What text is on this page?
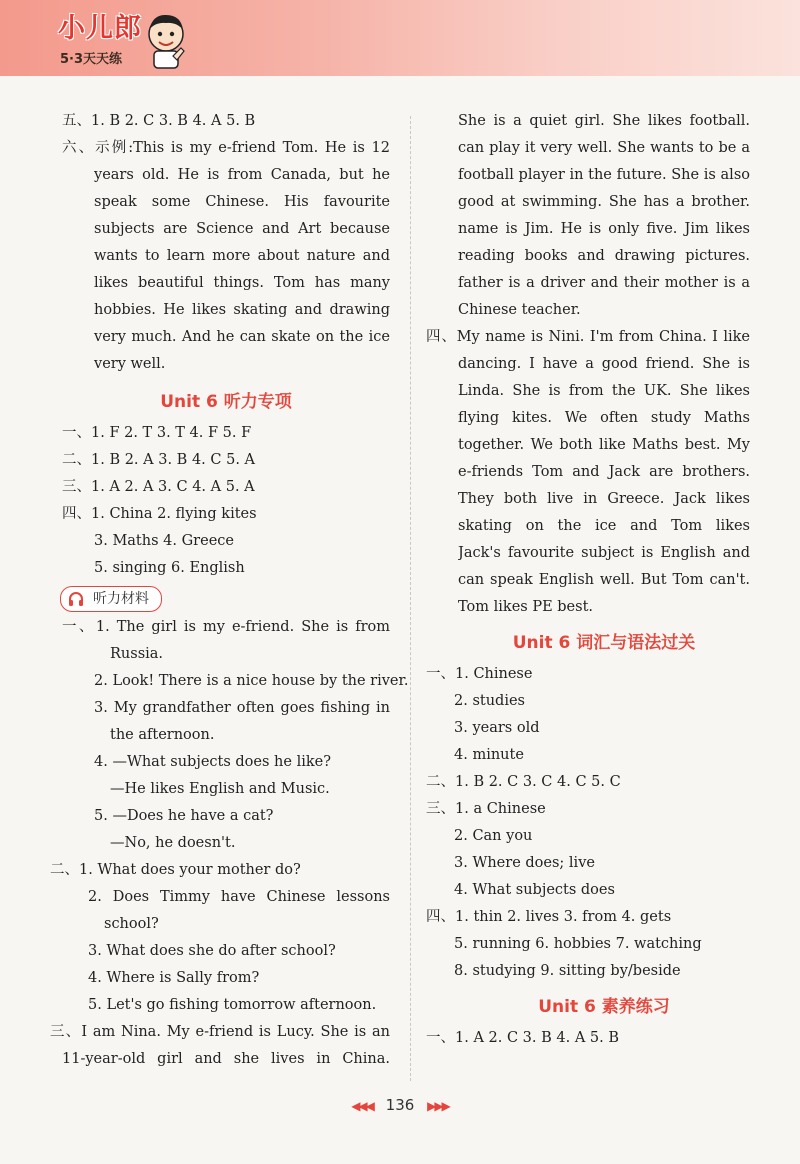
小儿郎
5·3天天练
五、1. B 2. C 3. B 4. A 5. B
六、示例:This is my e-friend Tom. He is 12
years old. He is from Canada, but he
speak some Chinese. His favourite
subjects are Science and Art because
wants to learn more about nature and
likes beautiful things. Tom has many
hobbies. He likes skating and drawing
very much. And he can skate on the ice
very well.
Unit 6 听力专项
一、1. F 2. T 3. T 4. F 5. F
二、1. B 2. A 3. B 4. C 5. A
三、1. A 2. A 3. C 4. A 5. A
四、1. China 2. flying kites
3. Maths 4. Greece
5. singing 6. English
听力材料
一、1. The girl is my e-friend. She is from
Russia.
2. Look! There is a nice house by the river.
3. My grandfather often goes fishing in
the afternoon.
4. —What subjects does he like?
—He likes English and Music.
5. —Does he have a cat?
—No, he doesn't.
二、1. What does your mother do?
2. Does Timmy have Chinese lessons
school?
3. What does she do after school?
4. Where is Sally from?
5. Let's go fishing tomorrow afternoon.
三、I am Nina. My e-friend is Lucy. She is an
11-year-old girl and she lives in China.
She is a quiet girl. She likes football.
can play it very well. She wants to be a
football player in the future. She is also
good at swimming. She has a brother.
name is Jim. He is only five. Jim likes
reading books and drawing pictures.
father is a driver and their mother is a
Chinese teacher.
四、My name is Nini. I'm from China. I like
dancing. I have a good friend. She is
Linda. She is from the UK. She likes
flying kites. We often study Maths
together. We both like Maths best. My
e-friends Tom and Jack are brothers.
They both live in Greece. Jack likes
skating on the ice and Tom likes
Jack's favourite subject is English and
can speak English well. But Tom can't.
Tom likes PE best.
Unit 6 词汇与语法过关
一、1. Chinese
2. studies
3. years old
4. minute
二、1. B 2. C 3. C 4. C 5. C
三、1. a Chinese
2. Can you
3. Where does; live
4. What subjects does
四、1. thin 2. lives 3. from 4. gets
5. running 6. hobbies 7. watching
8. studying 9. sitting by/beside
Unit 6 素养练习
一、1. A 2. C 3. B 4. A 5. B
◀◀◀ 136 ▶▶▶
